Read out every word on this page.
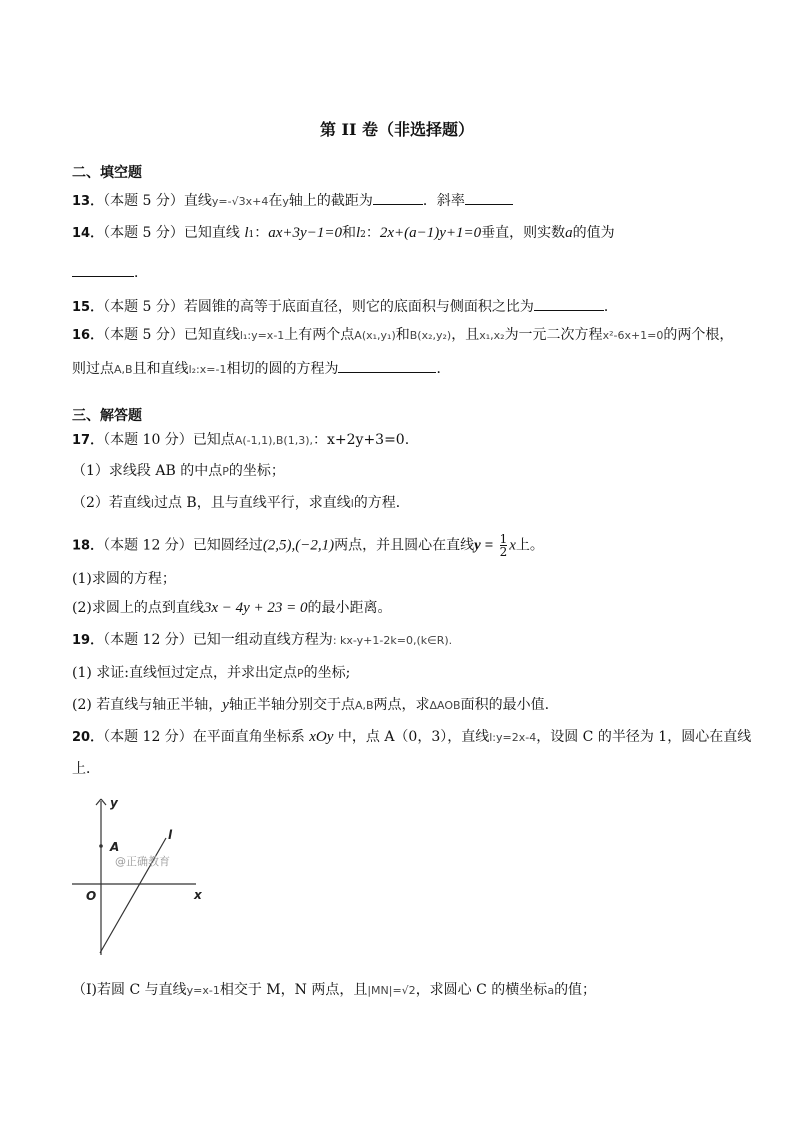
第 II 卷（非选择题）
二、填空题
13．（本题 5 分）直线y=-√3x+4在y轴上的截距为	．斜率
14．（本题 5 分）已知直线 l1：ax+3y−1=0和l2：2x+(a−1)y+1=0垂直，则实数a的值为
．
15．（本题 5 分）若圆锥的高等于底面直径，则它的底面积与侧面积之比为	．
16．（本题 5 分）已知直线l₁:y=x-1上有两个点A(x₁,y₁)和B(x₂,y₂)，且x₁,x₂为一元二次方程x²-6x+1=0的两个根，
则过点A,B且和直线l₂:x=-1相切的圆的方程为	．
三、解答题
17．（本题 10 分）已知点A(-1,1),B(1,3),：x+2y+3=0.
（1）求线段 AB 的中点P的坐标；
（2）若直线l过点 B，且与直线平行，求直线l的方程．
18．（本题 12 分）已知圆经过(2,5),(−2,1)两点，并且圆心在直线$y = \frac{1}{2}$ x上。
(1)求圆的方程；
(2)求圆上的点到直线3x − 4y + 23 = 0的最小距离。
19．（本题 12 分）已知一组动直线方程为: kx-y+1-2k=0,(k∈R).
(1) 求证:直线恒过定点，并求出定点P的坐标;
(2) 若直线与轴正半轴，y轴正半轴分别交于点A,B两点，求ΔAOB面积的最小值.
20．（本题 12 分）在平面直角坐标系 xOy 中，点 A（0，3），直线l:y=2x-4，设圆 C 的半径为 1，圆心在直线
上．
y
x
O
A
l
@正确教育
（Ⅰ)若圆 C 与直线y=x-1相交于 M，N 两点，且|MN|=√2，求圆心 C 的横坐标a的值；
